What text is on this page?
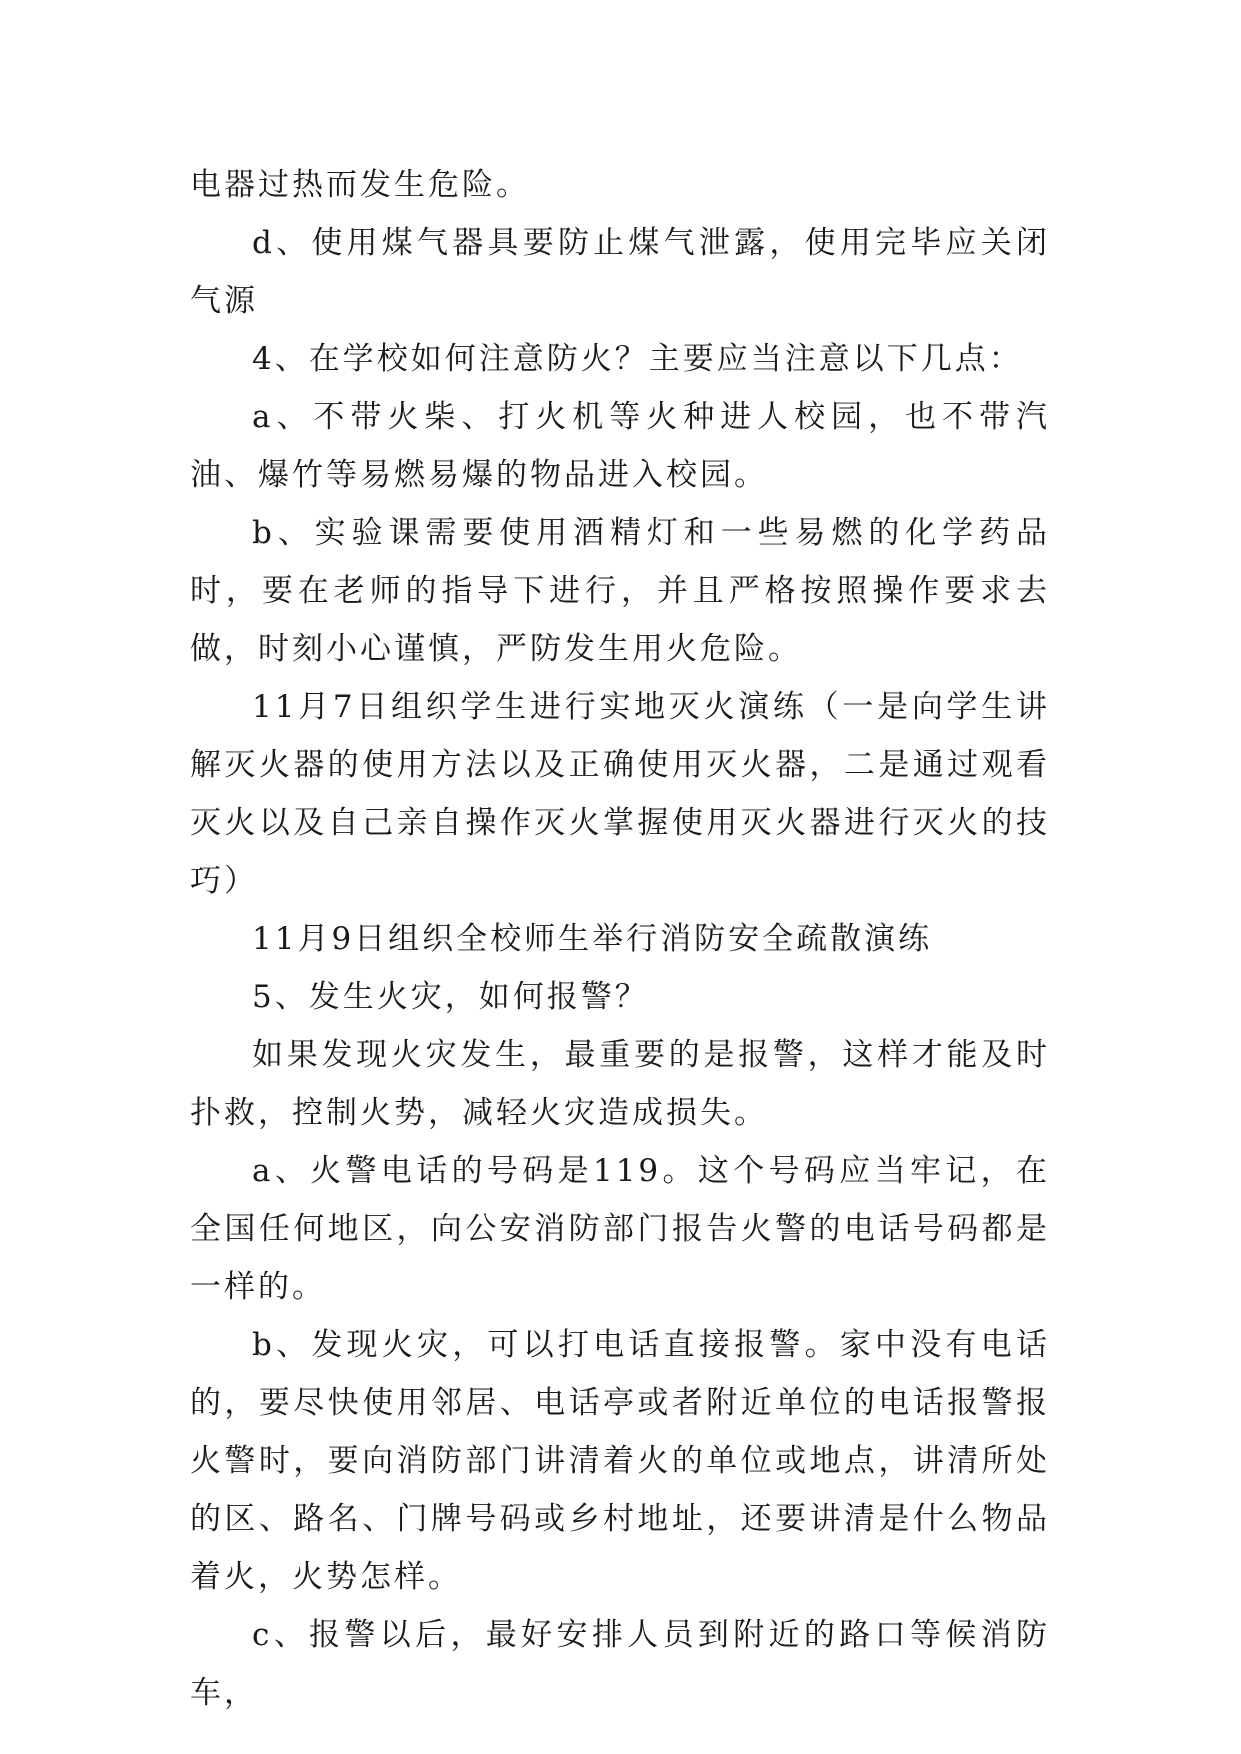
电器过热而发生危险。

d、使用煤气器具要防止煤气泄露，使用完毕应关闭气源

4、在学校如何注意防火？主要应当注意以下几点：

a、不带火柴、打火机等火种进人校园，也不带汽油、爆竹等易燃易爆的物品进入校园。

b、实验课需要使用酒精灯和一些易燃的化学药品时，要在老师的指导下进行，并且严格按照操作要求去做，时刻小心谨慎，严防发生用火危险。

11月7日组织学生进行实地灭火演练（一是向学生讲解灭火器的使用方法以及正确使用灭火器，二是通过观看灭火以及自己亲自操作灭火掌握使用灭火器进行灭火的技巧）

11月9日组织全校师生举行消防安全疏散演练

5、发生火灾，如何报警？

如果发现火灾发生，最重要的是报警，这样才能及时扑救，控制火势，减轻火灾造成损失。

a、火警电话的号码是119。这个号码应当牢记，在全国任何地区，向公安消防部门报告火警的电话号码都是一样的。

b、发现火灾，可以打电话直接报警。家中没有电话的，要尽快使用邻居、电话亭或者附近单位的电话报警报火警时，要向消防部门讲清着火的单位或地点，讲清所处的区、路名、门牌号码或乡村地址，还要讲清是什么物品着火，火势怎样。

c、报警以后，最好安排人员到附近的路口等候消防车，
